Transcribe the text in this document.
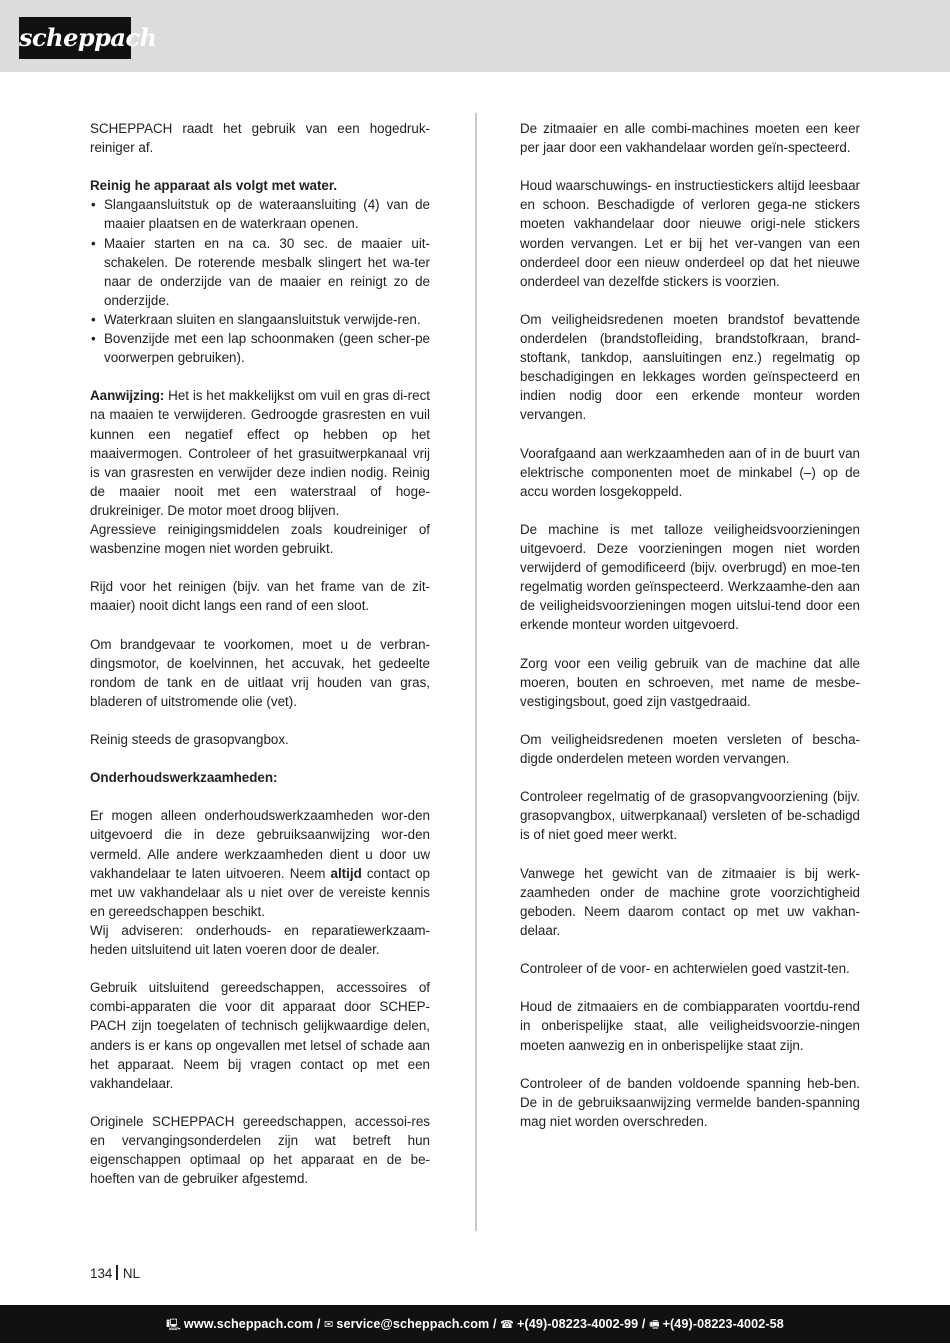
scheppach

SCHEPPACH raadt het gebruik van een hogedruk-reiniger af.

Reinig he apparaat als volgt met water.

• Slangaansluitstuk op de wateraansluiting (4) van de maaier plaatsen en de waterkraan openen.
• Maaier starten en na ca. 30 sec. de maaier uit-schakelen. De roterende mesbalk slingert het wa-ter naar de onderzijde van de maaier en reinigt zo de onderzijde.
• Waterkraan sluiten en slangaansluitstuk verwijde-ren.
• Bovenzijde met een lap schoonmaken (geen scher-pe voorwerpen gebruiken).

Aanwijzing: Het is het makkelijkst om vuil en gras di-rect na maaien te verwijderen. Gedroogde grasresten en vuil kunnen een negatief effect op hebben op het maaivermogen. Controleer of het grasuitwerpkanaal vrij is van grasresten en verwijder deze indien nodig. Reinig de maaier nooit met een waterstraal of hoge-drukreiniger. De motor moet droog blijven.

Agressieve reinigingsmiddelen zoals koudreiniger of wasbenzine mogen niet worden gebruikt.

Rijd voor het reinigen (bijv. van het frame van de zit-maaier) nooit dicht langs een rand of een sloot.

Om brandgevaar te voorkomen, moet u de verbran-dingsmotor, de koelvinnen, het accuvak, het gedeelte rondom de tank en de uitlaat vrij houden van gras, bladeren of uitstromende olie (vet).

Reinig steeds de grasopvangbox.

Onderhoudswerkzaamheden:

Er mogen alleen onderhoudswerkzaamheden wor-den uitgevoerd die in deze gebruiksaanwijzing wor-den vermeld. Alle andere werkzaamheden dient u door uw vakhandelaar te laten uitvoeren. Neem altijd contact op met uw vakhandelaar als u niet over de vereiste kennis en gereedschappen beschikt.

Wij adviseren: onderhouds- en reparatiewerkzaam-heden uitsluitend uit laten voeren door de dealer.

Gebruik uitsluitend gereedschappen, accessoires of combi-apparaten die voor dit apparaat door SCHEP-PACH zijn toegelaten of technisch gelijkwaardige delen, anders is er kans op ongevallen met letsel of schade aan het apparaat. Neem bij vragen contact op met een vakhandelaar.

Originele SCHEPPACH gereedschappen, accessoi-res en vervangingsonderdelen zijn wat betreft hun eigenschappen optimaal op het apparaat en de be-hoeften van de gebruiker afgestemd.

De zitmaaier en alle combi-machines moeten een keer per jaar door een vakhandelaar worden geïn-specteerd.

Houd waarschuwings- en instructiestickers altijd leesbaar en schoon. Beschadigde of verloren gega-ne stickers moeten vakhandelaar door nieuwe origi-nele stickers worden vervangen. Let er bij het ver-vangen van een onderdeel door een nieuw onderdeel op dat het nieuwe onderdeel van dezelfde stickers is voorzien.

Om veiligheidsredenen moeten brandstof bevattende onderdelen (brandstofleiding, brandstofkraan, brand-stoftank, tankdop, aansluitingen enz.) regelmatig op beschadigingen en lekkages worden geïnspecteerd en indien nodig door een erkende monteur worden vervangen.

Voorafgaand aan werkzaamheden aan of in de buurt van elektrische componenten moet de minkabel (–) op de accu worden losgekoppeld.

De machine is met talloze veiligheidsvoorzieningen uitgevoerd. Deze voorzieningen mogen niet worden verwijderd of gemodificeerd (bijv. overbrugd) en moe-ten regelmatig worden geïnspecteerd. Werkzaamhe-den aan de veiligheidsvoorzieningen mogen uitslui-tend door een erkende monteur worden uitgevoerd.

Zorg voor een veilig gebruik van de machine dat alle moeren, bouten en schroeven, met name de mesbe-vestigingsbout, goed zijn vastgedraaid.

Om veiligheidsredenen moeten versleten of bescha-digde onderdelen meteen worden vervangen.

Controleer regelmatig of de grasopvangvoorziening (bijv. grasopvangbox, uitwerpkanaal) versleten of be-schadigd is of niet goed meer werkt.

Vanwege het gewicht van de zitmaaier is bij werk-zaamheden onder de machine grote voorzichtigheid geboden. Neem daarom contact op met uw vakhan-delaar.

Controleer of de voor- en achterwielen goed vastzit-ten.

Houd de zitmaaiers en de combiapparaten voortdu-rend in onberispelijke staat, alle veiligheidsvoorzie-ningen moeten aanwezig en in onberispelijke staat zijn.

Controleer of de banden voldoende spanning heb-ben. De in de gebruiksaanwijzing vermelde banden-spanning mag niet worden overschreden.

134 NL
🖳 www.scheppach.com / ✉ service@scheppach.com / ☎ +(49)-08223-4002-99 / 🖷 +(49)-08223-4002-58
